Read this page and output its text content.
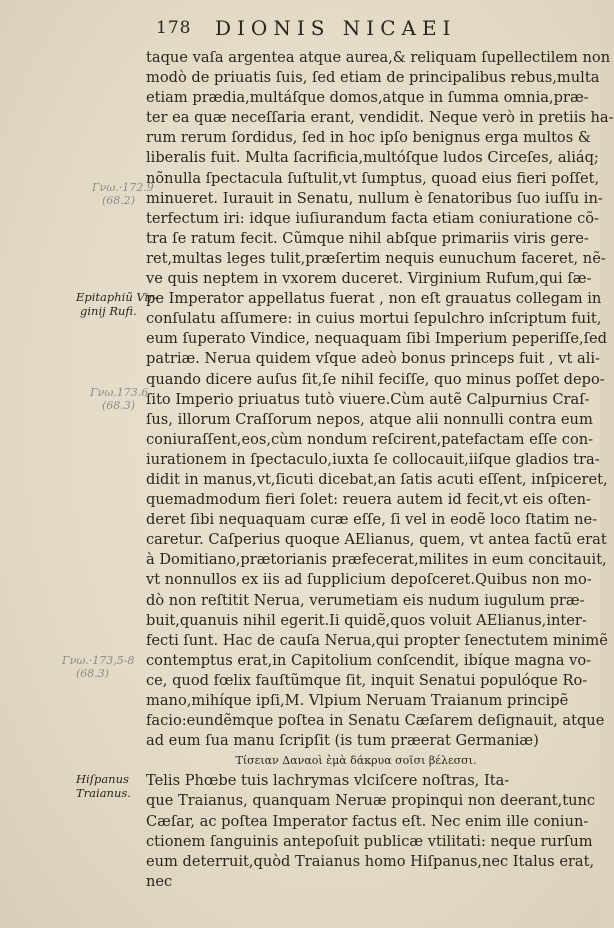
178 DIONIS NICAEI
taque vaſa argentea atque aurea,& reliquam ſupellectilem non
modò de priuatis ſuis, ſed etiam de principalibus rebus,multa
etiam prædia,multáſque domos,atque in ſumma omnia,præ-
ter ea quæ neceſſaria erant, vendidit. Neque verò in pretiis ha-
rum rerum ſordidus, ſed in hoc ipſo benignus erga multos &
liberalis fuit. Multa ſacrificia,multóſque ludos Circeſes, aliáq;
nõnulla ſpectacula ſuſtulit,vt ſumptus, quoad eius fieri poſſet,
minueret. Iurauit in Senatu, nullum è ſenatoribus ſuo iuſſu in-
terfectum iri: idque iuſiurandum facta etiam coniuratione cõ-
tra ſe ratum fecit. Cũmque nihil abſque primariis viris gere-
ret,multas leges tulit,præſertim nequis eunuchum faceret, nẽ-
ve quis neptem in vxorem duceret. Virginium Rufum,qui ſæ-
pe Imperator appellatus fuerat , non eſt grauatus collegam in
conſulatu aſſumere: in cuius mortui ſepulchro inſcriptum fuit,
eum ſuperato Vindice, nequaquam ſibi Imperium peperiſſe,ſed
patriæ. Nerua quidem vſque adeò bonus princeps fuit , vt ali-
quando dicere auſus ſit,ſe nihil feciſſe, quo minus poſſet depo-
ſito Imperio priuatus tutò viuere.Cùm autẽ Calpurnius Craſ-
ſus, illorum Craſſorum nepos, atque alii nonnulli contra eum
coniuraſſent,eos,cùm nondum reſcirent,patefactam eſſe con-
iurationem in ſpectaculo,iuxta ſe collocauit,iiſque gladios tra-
didit in manus,vt,ſicuti dicebat,an ſatis acuti eſſent, inſpiceret,
quemadmodum fieri ſolet: reuera autem id fecit,vt eis oſten-
deret ſibi nequaquam curæ eſſe, ſi vel in eodẽ loco ſtatim ne-
caretur. Caſperius quoque AElianus, quem, vt antea factũ erat
à Domitiano,prætorianis præfecerat,milites in eum concitauit,
vt nonnullos ex iis ad ſupplicium depoſceret.Quibus non mo-
dò non reſtitit Nerua, verumetiam eis nudum iugulum præ-
buit,quanuis nihil egerit.Ii quidẽ,quos voluit AElianus,inter-
fecti ſunt. Hac de cauſa Nerua,qui propter ſenectutem minimẽ
contemptus erat,in Capitolium conſcendit, ibíque magna vo-
ce, quod fœlix fauſtũmque ſit, inquit Senatui populóque Ro-
mano,mihíque ipſi,M. Vlpium Neruam Traianum principẽ
facio:eundẽmque poſtea in Senatu Cæſarem deſignauit, atque
ad eum ſua manu ſcripſit (is tum præerat Germaniæ)
Τίσειαν Δαναοὶ ἐμὰ δάκρυα σοῖσι βέλεσσι.
Telis Phœbe tuis lachrymas vlciſcere noſtras, Ita-
que Traianus, quanquam Neruæ propinqui non deerant,tunc
Cæſar, ac poſtea Imperator factus eſt. Nec enim ille coniun-
ctionem ſanguinis antepoſuit publicæ vtilitati: neque rurſum
eum deterruit,quòd Traianus homo Hiſpanus,nec Italus erat,
nec
Epitaphiũ Vir-
ginij Rufi.
Hiſpanus
Traianus.
Γνω.·172.9
(68.2)
Γνω.173.6
(68.3)
Γνω.·173,5-8
(68.3)
